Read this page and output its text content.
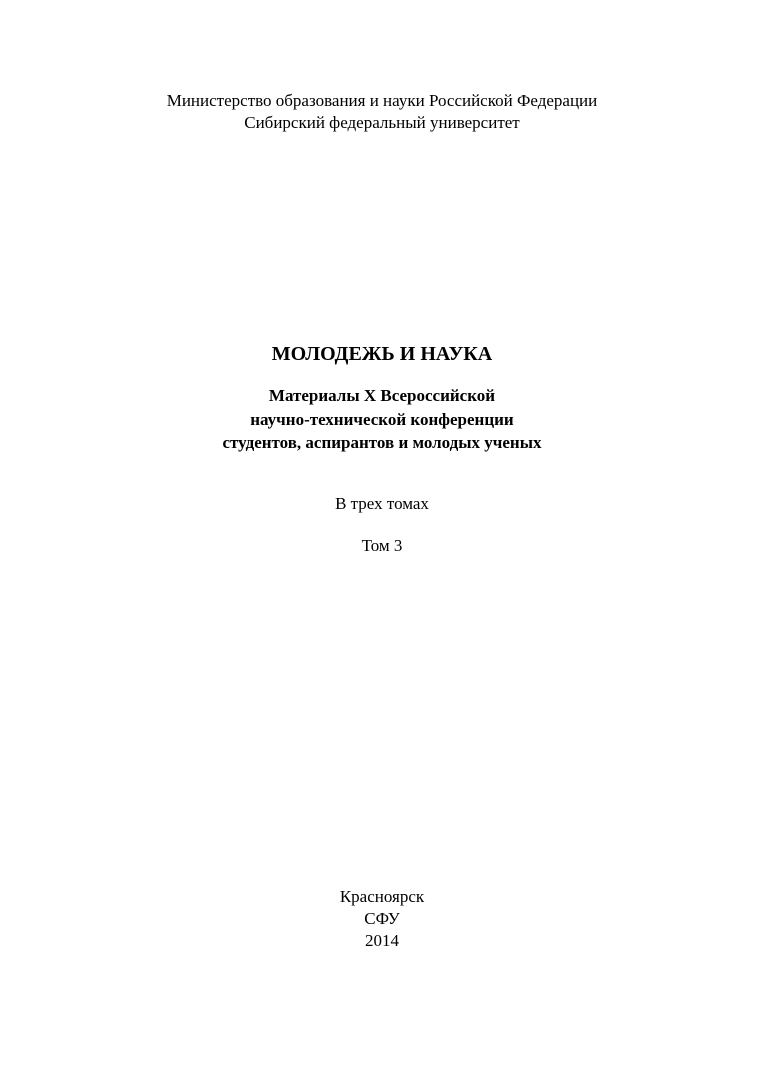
Министерство образования и науки Российской Федерации
Сибирский федеральный университет
МОЛОДЕЖЬ И НАУКА
Материалы X Всероссийской
научно-технической конференции
студентов, аспирантов и молодых ученых
В трех томах
Том 3
Красноярск
СФУ
2014
